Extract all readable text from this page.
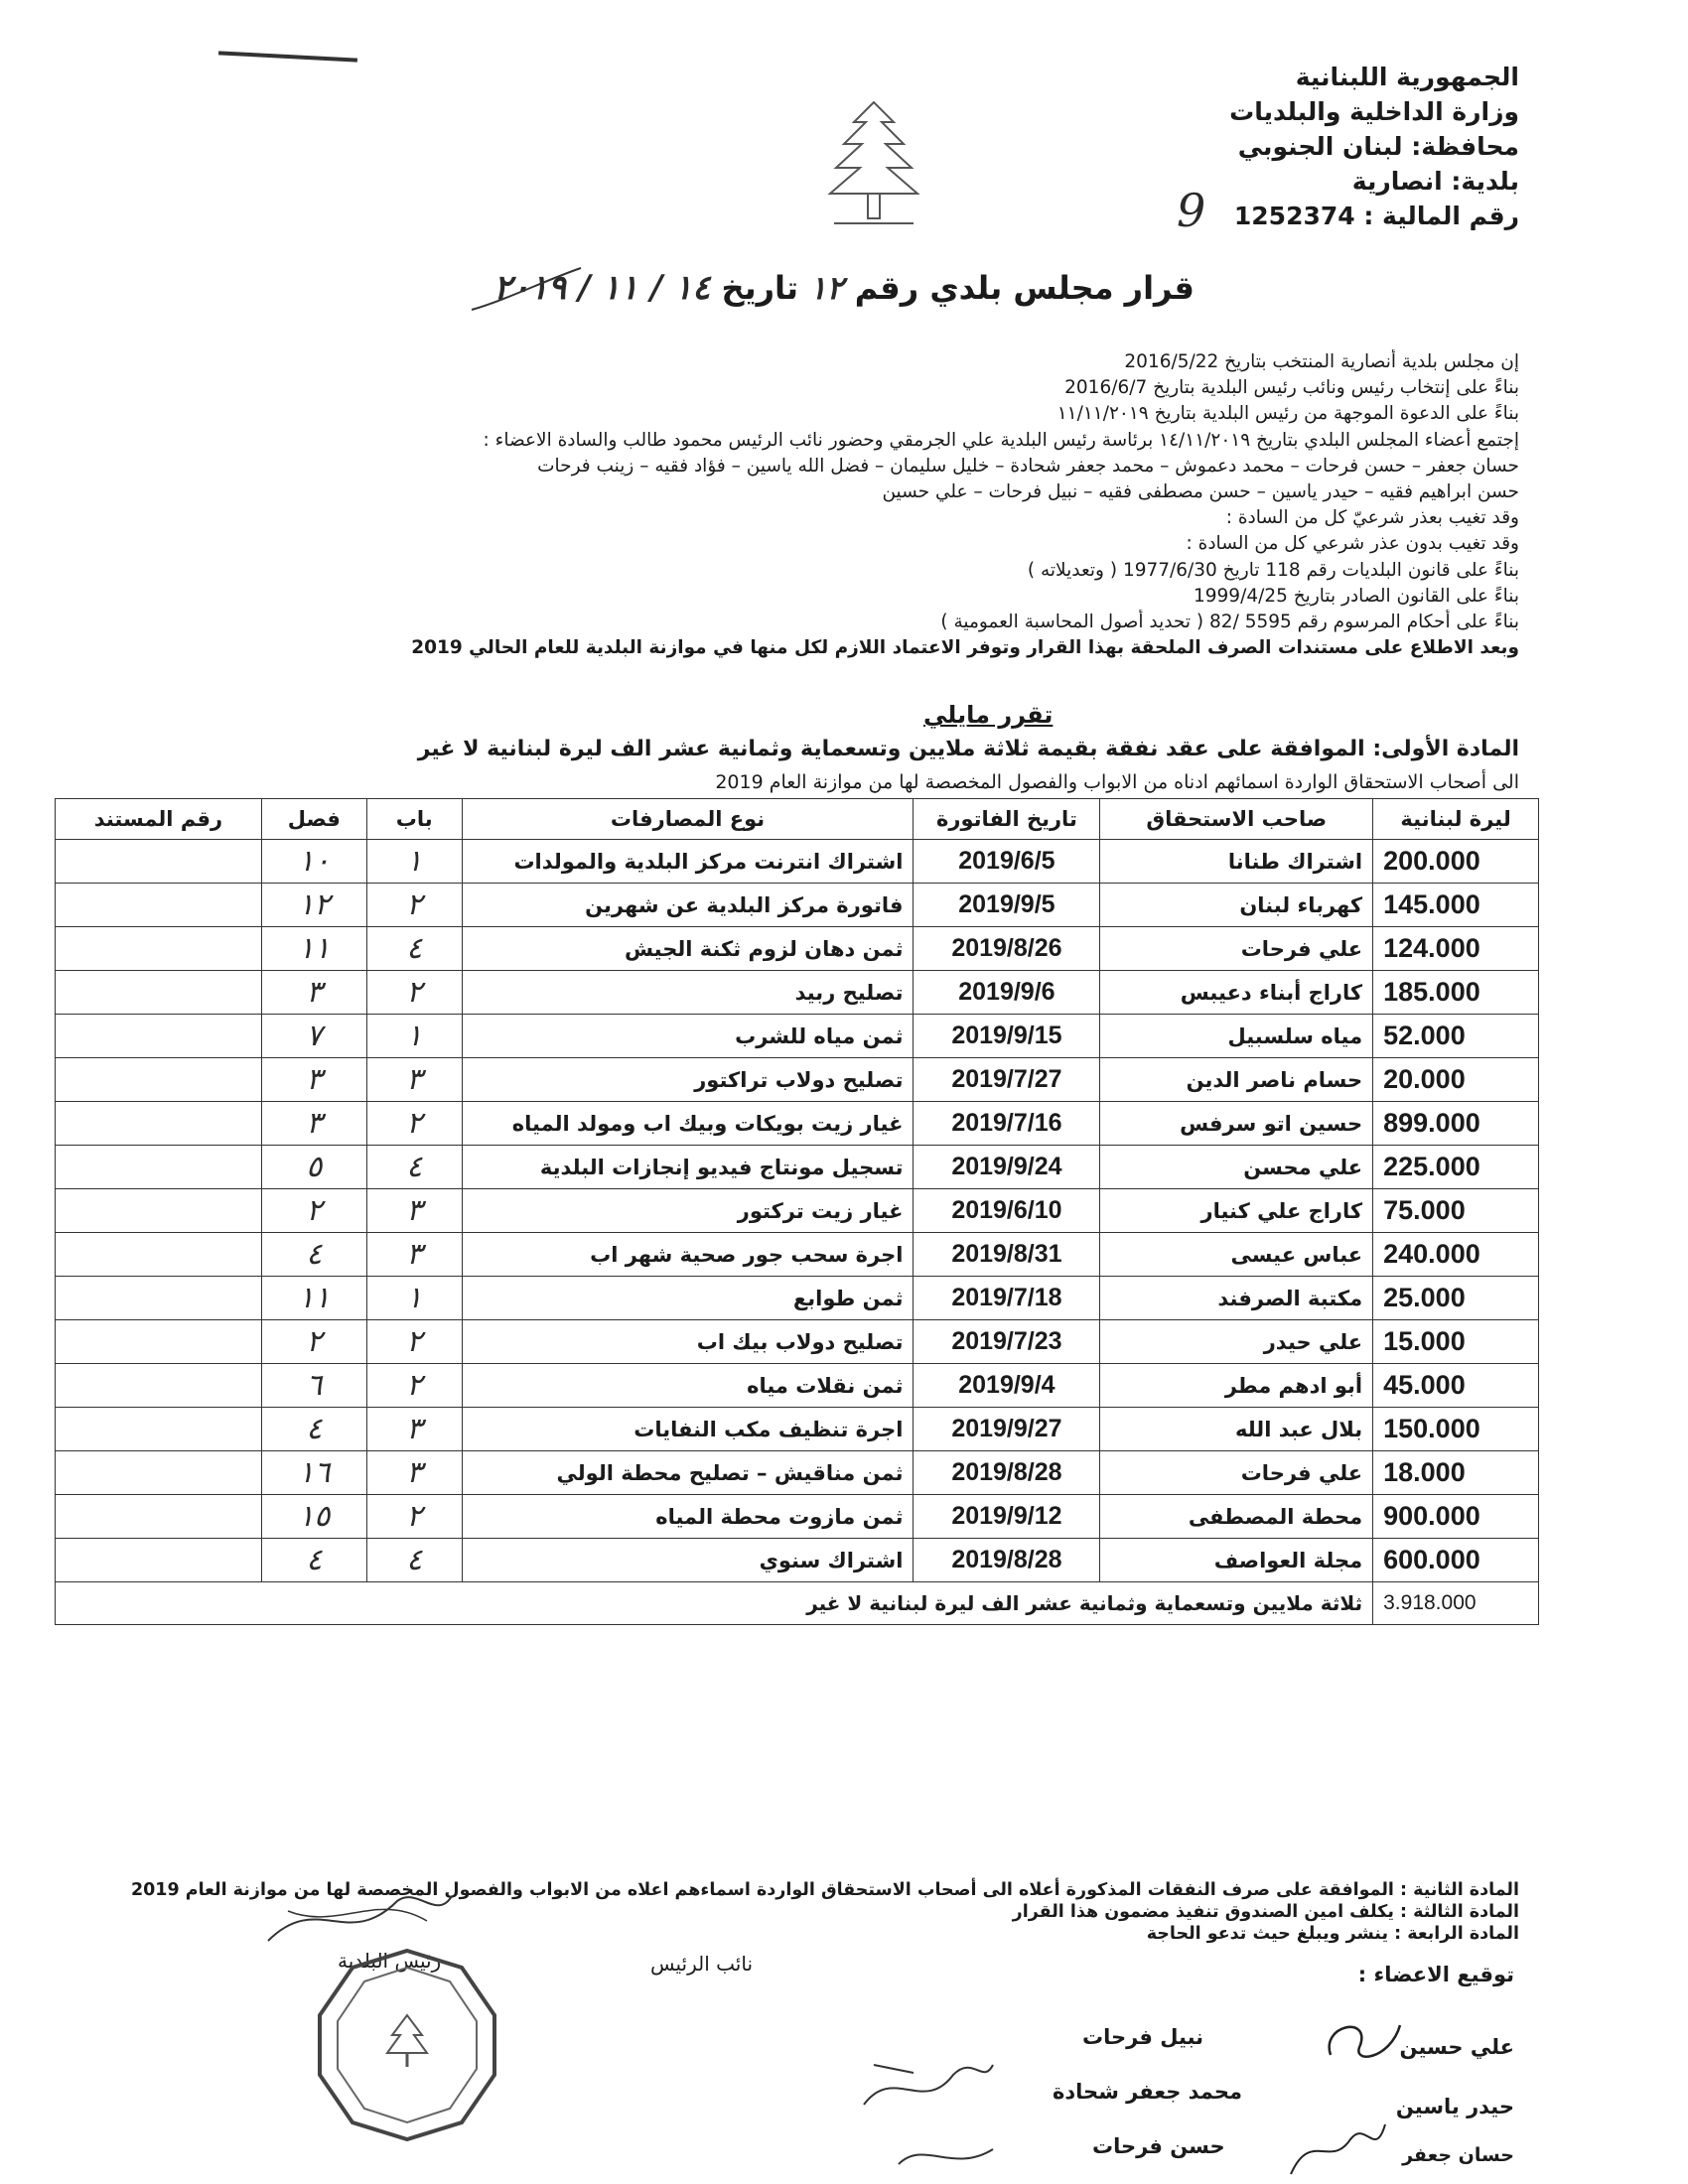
الجمهورية اللبنانية
وزارة الداخلية والبلديات
محافظة: لبنان الجنوبي
بلدية: انصارية
رقم المالية : 1252374
9
قرار مجلس بلدي رقم ١٢ تاريخ ١٤ / ١١ / ٢٠١٩
إن مجلس بلدية أنصارية المنتخب بتاريخ 2016/5/22
بناءً على إنتخاب رئيس ونائب رئيس البلدية بتاريخ 2016/6/7
بناءً على الدعوة الموجهة من رئيس البلدية بتاريخ ١١/١١/٢٠١٩
إجتمع أعضاء المجلس البلدي بتاريخ ١٤/١١/٢٠١٩ برئاسة رئيس البلدية علي الجرمقي وحضور نائب الرئيس محمود طالب والسادة الاعضاء :
حسان جعفر – حسن فرحات – محمد دعموش – محمد جعفر شحادة – خليل سليمان – فضل الله ياسين – فؤاد فقيه – زينب فرحات
حسن ابراهيم فقيه – حيدر ياسين – حسن مصطفى فقيه – نبيل فرحات – علي حسين
وقد تغيب بعذر شرعيّ كل من السادة :
وقد تغيب بدون عذر شرعي كل من السادة :
بناءً على قانون البلديات رقم 118 تاريخ 1977/6/30 ( وتعديلاته )
بناءً على القانون الصادر بتاريخ 1999/4/25
بناءً على أحكام المرسوم رقم 5595 /82 ( تحديد أصول المحاسبة العمومية )
وبعد الاطلاع على مستندات الصرف الملحقة بهذا القرار وتوفر الاعتماد اللازم لكل منها في موازنة البلدية للعام الحالي 2019
تقرر مايلي
المادة الأولى: الموافقة على عقد نفقة بقيمة ثلاثة ملايين وتسعماية وثمانية عشر الف ليرة لبنانية لا غير
الى أصحاب الاستحقاق الواردة اسمائهم ادناه من الابواب والفصول المخصصة لها من موازنة العام 2019
ليرة لبنانية	صاحب الاستحقاق	تاريخ الفاتورة	نوع المصارفات	باب	فصل	رقم المستند
200.000	اشتراك طنانا	2019/6/5	اشتراك انترنت مركز البلدية والمولدات	١	١٠	
145.000	كهرباء لبنان	2019/9/5	فاتورة مركز البلدية عن شهرين	٢	١٢	
124.000	علي فرحات	2019/8/26	ثمن دهان لزوم ثكنة الجيش	٤	١١	
185.000	كاراج أبناء دعيبس	2019/9/6	تصليح ربيد	٢	٣	
52.000	مياه سلسبيل	2019/9/15	ثمن مياه للشرب	١	٧	
20.000	حسام ناصر الدين	2019/7/27	تصليح دولاب تراكتور	٣	٣	
899.000	حسين اتو سرفس	2019/7/16	غيار زيت بويكات وبيك اب ومولد المياه	٢	٣	
225.000	علي محسن	2019/9/24	تسجيل مونتاج فيديو إنجازات البلدية	٤	٥	
75.000	كاراج علي كنيار	2019/6/10	غيار زيت تركتور	٣	٢	
240.000	عباس عيسى	2019/8/31	اجرة سحب جور صحية شهر اب	٣	٤	
25.000	مكتبة الصرفند	2019/7/18	ثمن طوابع	١	١١	
15.000	علي حيدر	2019/7/23	تصليح دولاب بيك اب	٢	٢	
45.000	أبو ادهم مطر	2019/9/4	ثمن نقلات مياه	٢	٦	
150.000	بلال عبد الله	2019/9/27	اجرة تنظيف مكب النفايات	٣	٤	
18.000	علي فرحات	2019/8/28	ثمن مناقيش – تصليح محطة الولي	٣	١٦	
900.000	محطة المصطفى	2019/9/12	ثمن مازوت محطة المياه	٢	١٥	
600.000	مجلة العواصف	2019/8/28	اشتراك سنوي	٤	٤	
3.918.000	ثلاثة ملايين وتسعماية وثمانية عشر الف ليرة لبنانية لا غير					
المادة الثانية : الموافقة على صرف النفقات المذكورة أعلاه الى أصحاب الاستحقاق الواردة اسماءهم اعلاه من الابواب والفصول المخصصة لها من موازنة العام 2019
المادة الثالثة : يكلف امين الصندوق تنفيذ مضمون هذا القرار
المادة الرابعة : ينشر ويبلغ حيث تدعو الحاجة
توقيع الاعضاء :
نائب الرئيس
رئيس البلدية
علي حسين
حيدر ياسين
نبيل فرحات
محمد جعفر شحادة
حسن فرحات	حسان جعفر
